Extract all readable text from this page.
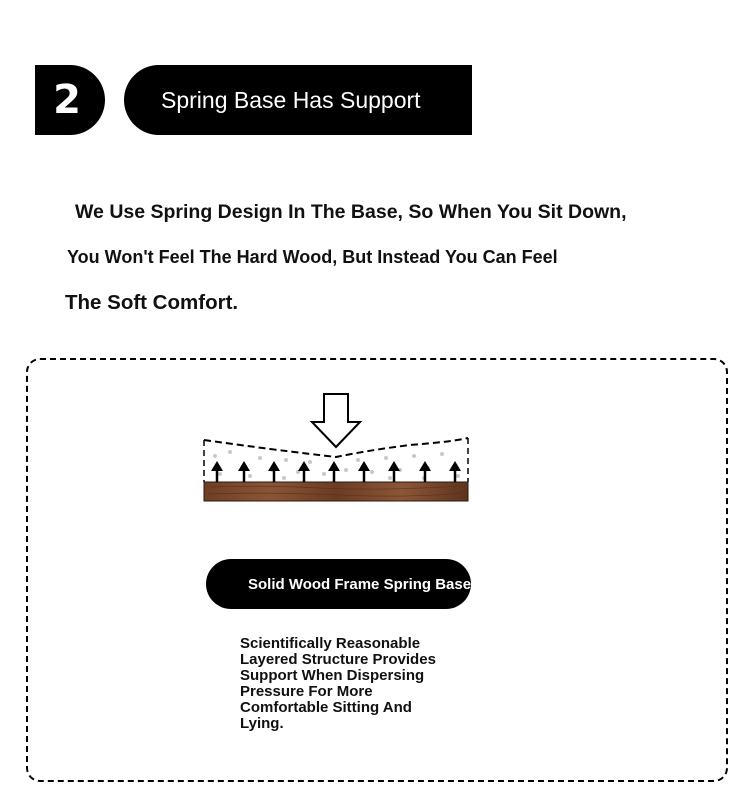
2	Spring Base Has Support
We Use Spring Design In The Base, So When You Sit Down,
You Won't Feel The Hard Wood, But Instead You Can Feel
The Soft Comfort.
Solid Wood Frame Spring Base
Scientifically Reasonable Layered Structure Provides Support When Dispersing Pressure For More Comfortable Sitting And Lying.
